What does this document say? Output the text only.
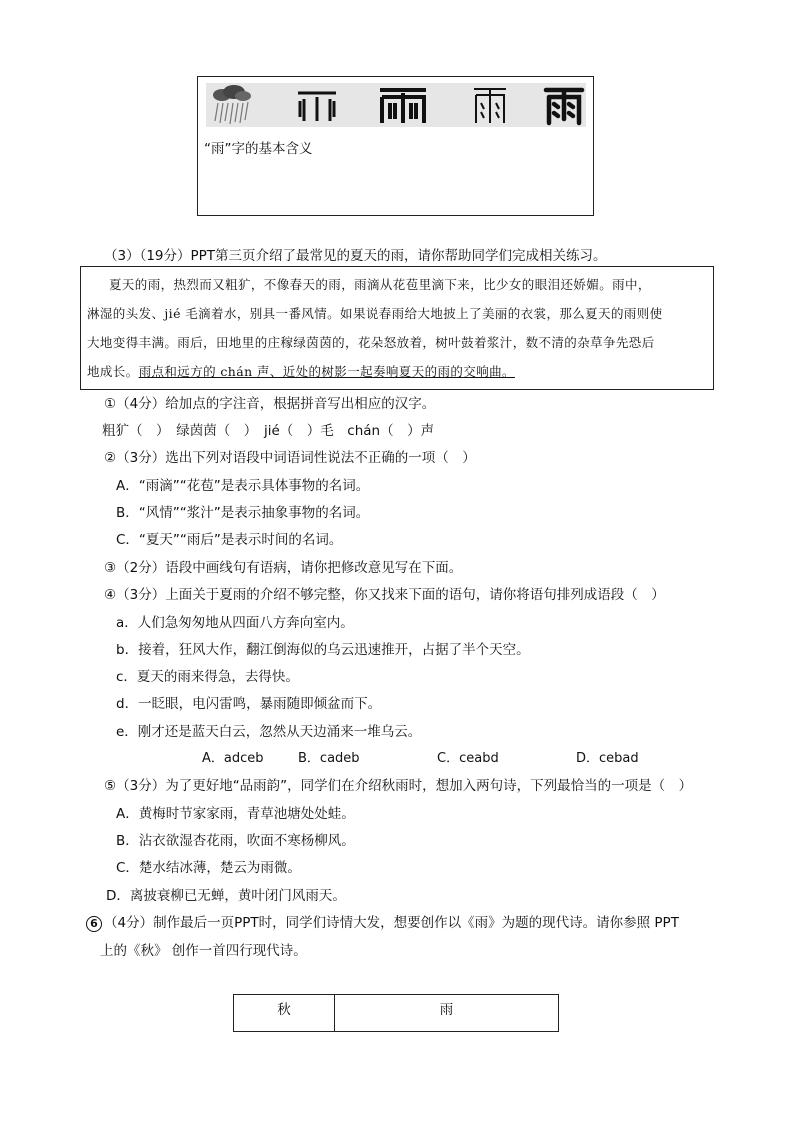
“雨”字的基本含义
（3）（19分）PPT第三页介绍了最常见的夏天的雨，请你帮助同学们完成相关练习。
夏天的雨，热烈而又粗犷，不像春天的雨，雨滴从花苞里滴下来，比少女的眼泪还娇媚。雨中，
淋湿的头发、jié 毛滴着水，别具一番风情。如果说春雨给大地披上了美丽的衣裳，那么夏天的雨则使
大地变得丰满。雨后，田地里的庄稼绿茵茵的，花朵怒放着，树叶鼓着浆汁，数不清的杂草争先恐后
地成长。雨点和远方的 chán 声、近处的树影一起奏响夏天的雨的交响曲。
①（4分）给加点的字注音，根据拼音写出相应的汉字。
粗犷（　）　绿茵茵（　）　jié（　）毛　chán（　）声
②（3分）选出下列对语段中词语词性说法不正确的一项（　）
A．“雨滴”“花苞”是表示具体事物的名词。
B．“风情”“浆汁”是表示抽象事物的名词。
C．“夏天”“雨后”是表示时间的名词。
③（2分）语段中画线句有语病，请你把修改意见写在下面。
④（3分）上面关于夏雨的介绍不够完整，你又找来下面的语句，请你将语句排列成语段（　）
a．人们急匆匆地从四面八方奔向室内。
b．接着，狂风大作，翻江倒海似的乌云迅速推开，占据了半个天空。
c．夏天的雨来得急，去得快。
d．一眨眼，电闪雷鸣，暴雨随即倾盆而下。
e．刚才还是蓝天白云，忽然从天边涌来一堆乌云。
A．adceb	B．cadeb	C．ceabd	D．cebad
⑤（3分）为了更好地“品雨韵”，同学们在介绍秋雨时，想加入两句诗，下列最恰当的一项是（　）
A．黄梅时节家家雨，青草池塘处处蛙。
B．沾衣欲湿杏花雨，吹面不寒杨柳风。
C．楚水结冰薄，楚云为雨微。
D．离披衰柳已无蝉，黄叶闭门风雨天。
6 （4分）制作最后一页PPT时，同学们诗情大发，想要创作以《雨》为题的现代诗。请你参照 PPT
上的《秋》 创作一首四行现代诗。
秋	雨
